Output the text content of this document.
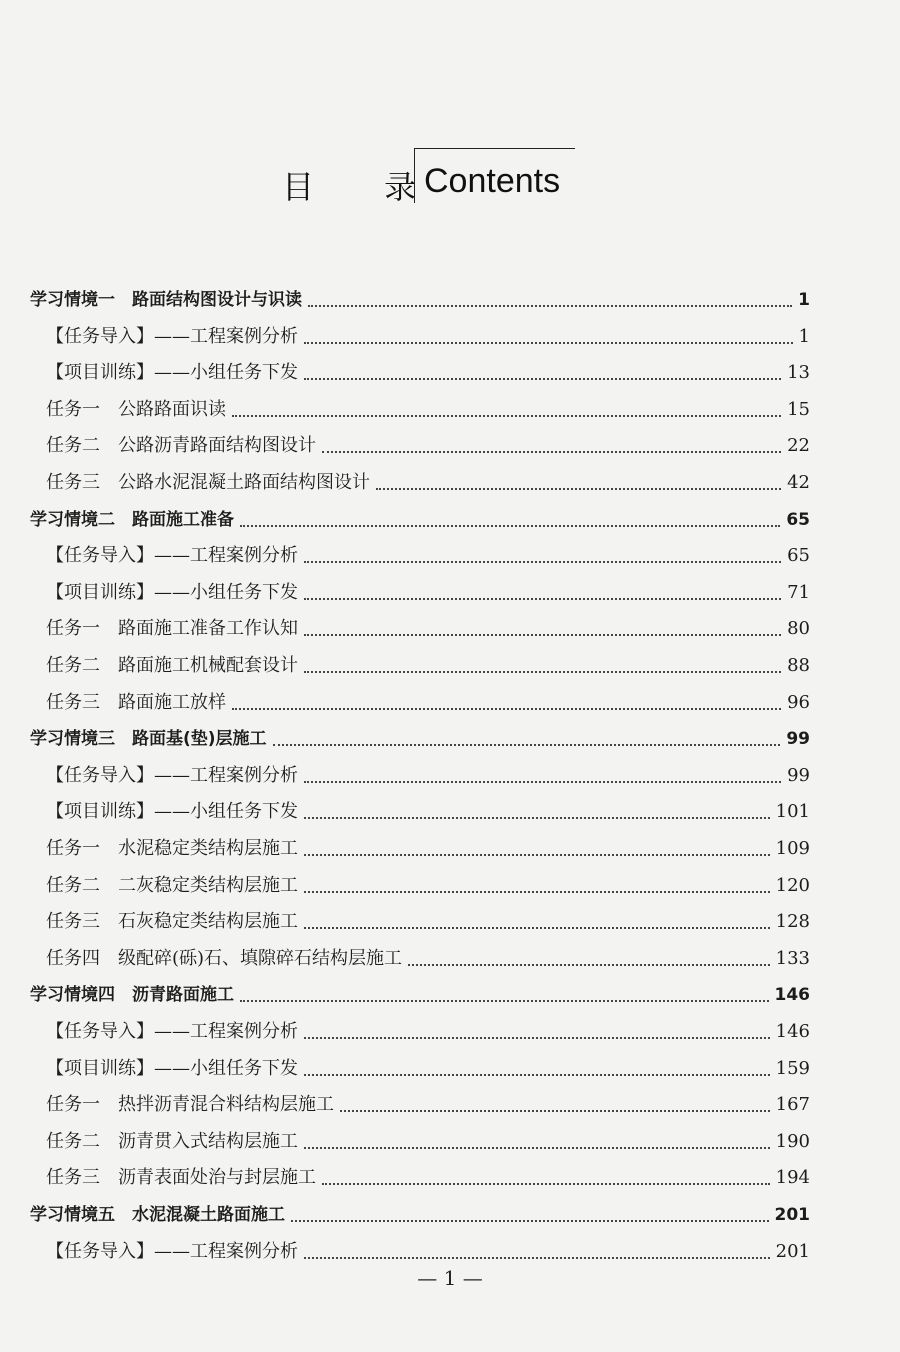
目 录
Contents
学习情境一　路面结构图设计与识读	1
【任务导入】——工程案例分析	1
【项目训练】——小组任务下发	13
任务一　公路路面识读	15
任务二　公路沥青路面结构图设计	22
任务三　公路水泥混凝土路面结构图设计	42
学习情境二　路面施工准备	65
【任务导入】——工程案例分析	65
【项目训练】——小组任务下发	71
任务一　路面施工准备工作认知	80
任务二　路面施工机械配套设计	88
任务三　路面施工放样	96
学习情境三　路面基(垫)层施工	99
【任务导入】——工程案例分析	99
【项目训练】——小组任务下发	101
任务一　水泥稳定类结构层施工	109
任务二　二灰稳定类结构层施工	120
任务三　石灰稳定类结构层施工	128
任务四　级配碎(砾)石、填隙碎石结构层施工	133
学习情境四　沥青路面施工	146
【任务导入】——工程案例分析	146
【项目训练】——小组任务下发	159
任务一　热拌沥青混合料结构层施工	167
任务二　沥青贯入式结构层施工	190
任务三　沥青表面处治与封层施工	194
学习情境五　水泥混凝土路面施工	201
【任务导入】——工程案例分析	201
— 1 —
